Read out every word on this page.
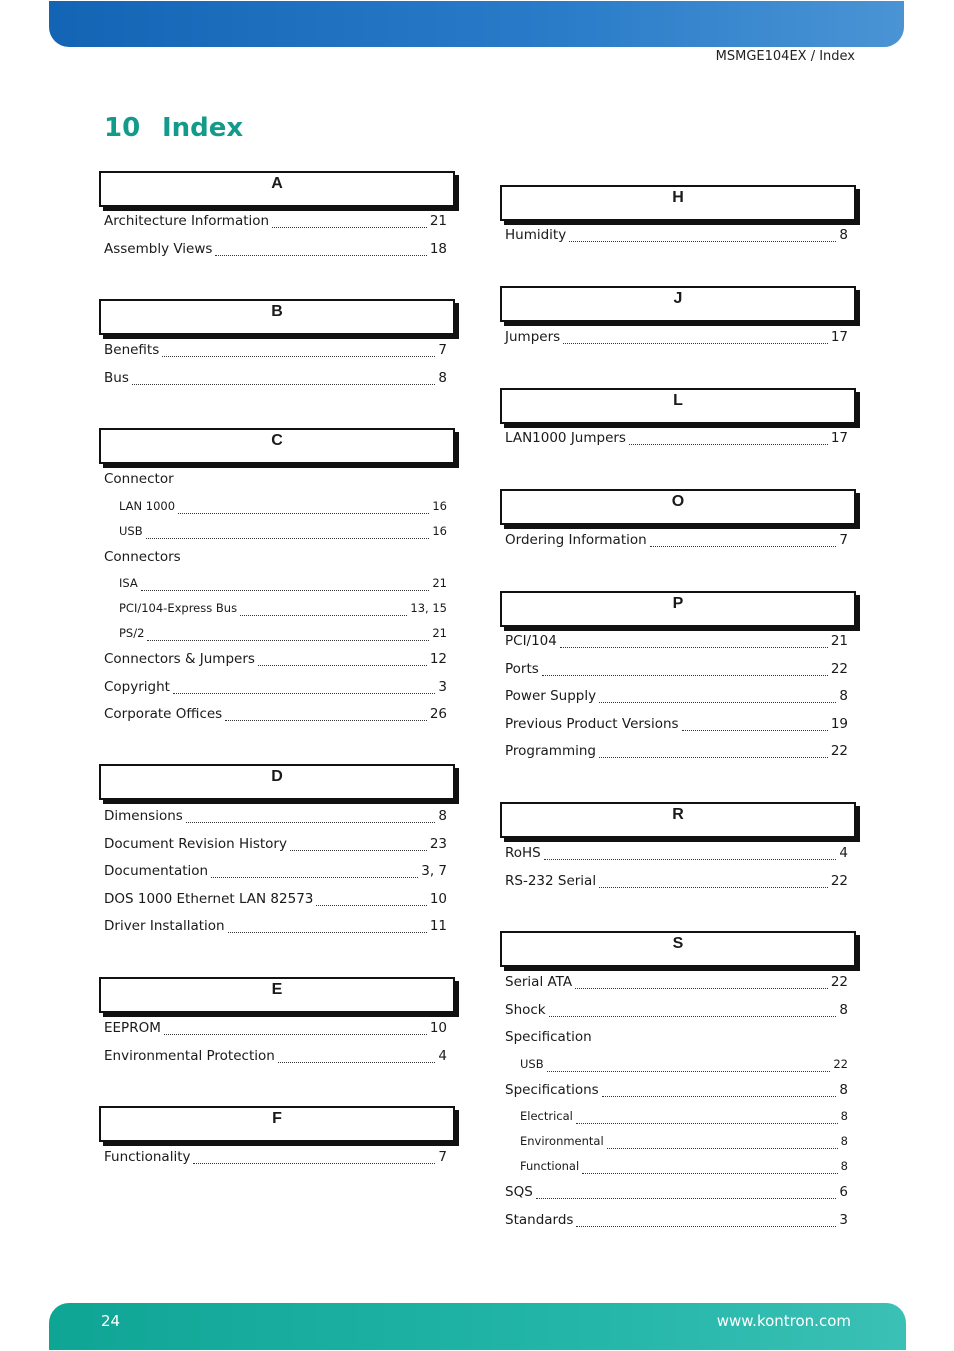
MSMGE104EX / Index
10 Index
A
Architecture Information	21
Assembly Views	18
B
Benefits	7
Bus	8
C
Connector
LAN 1000	16
USB	16
Connectors
ISA	21
PCI/104-Express Bus	13, 15
PS/2	21
Connectors & Jumpers	12
Copyright	3
Corporate Offices	26
D
Dimensions	8
Document Revision History	23
Documentation	3, 7
DOS 1000 Ethernet LAN 82573	10
Driver Installation	11
E
EEPROM	10
Environmental Protection	4
F
Functionality	7
H
Humidity	8
J
Jumpers	17
L
LAN1000 Jumpers	17
O
Ordering Information	7
P
PCI/104	21
Ports	22
Power Supply	8
Previous Product Versions	19
Programming	22
R
RoHS	4
RS-232 Serial	22
S
Serial ATA	22
Shock	8
Specification
USB	22
Specifications	8
Electrical	8
Environmental	8
Functional	8
SQS	6
Standards	3
24	www.kontron.com
